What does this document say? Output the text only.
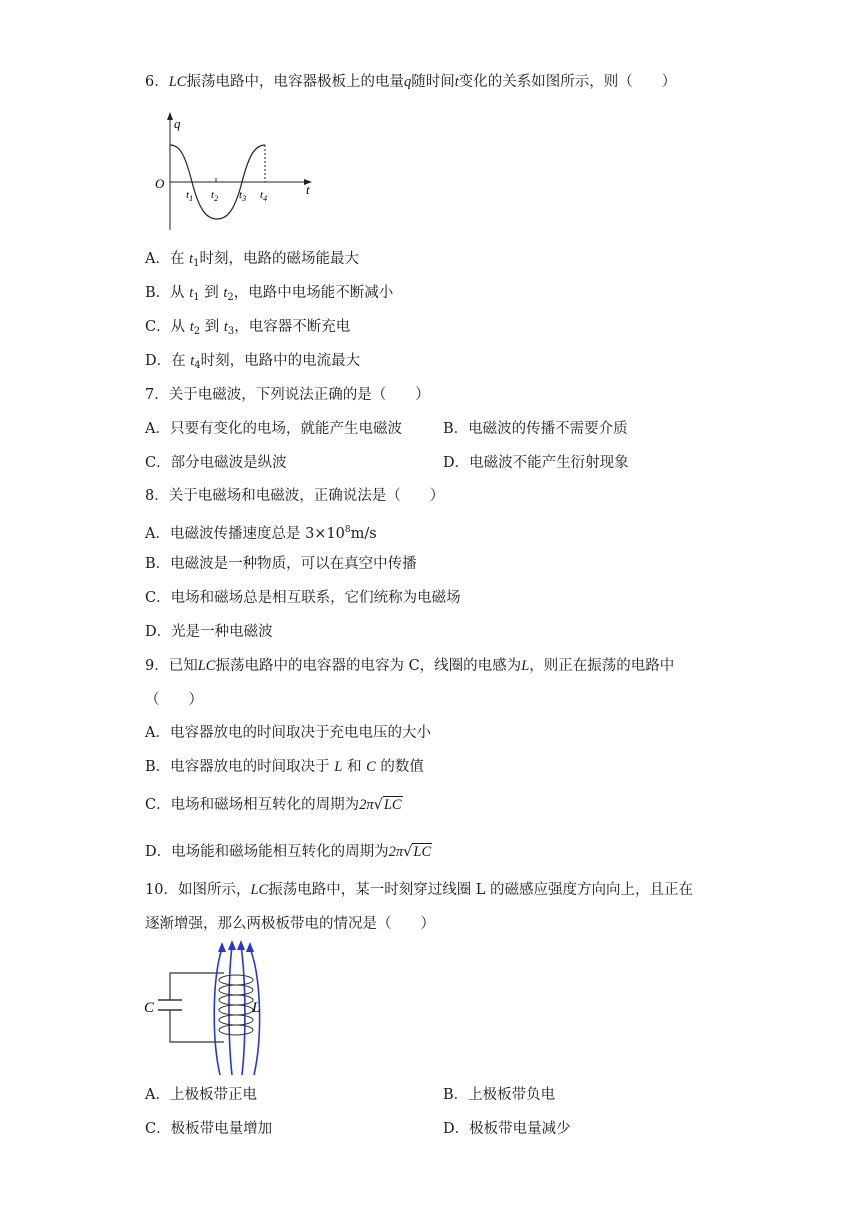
6．LC振荡电路中，电容器极板上的电量q随时间t变化的关系如图所示，则（　　）
q
O	t
$t_1$ $t_2$ $t_3$ $t_4$
A．在 $t_1$时刻，电路的磁场能最大
B．从 $t_1$ 到 $t_2$，电路中电场能不断减小
C．从 $t_2$ 到 $t_3$，电容器不断充电
D．在 $t_4$时刻，电路中的电流最大
7．关于电磁波，下列说法正确的是（　　）
A．只要有变化的电场，就能产生电磁波	B．电磁波的传播不需要介质
C．部分电磁波是纵波	D．电磁波不能产生衍射现象
8．关于电磁场和电磁波，正确说法是（　　）
A．电磁波传播速度总是 $3\times 10^8m/s$
B．电磁波是一种物质，可以在真空中传播
C．电场和磁场总是相互联系，它们统称为电磁场
D．光是一种电磁波
9．已知LC振荡电路中的电容器的电容为 C，线圈的电感为L，则正在振荡的电路中
（　　）
A．电容器放电的时间取决于充电电压的大小
B．电容器放电的时间取决于 L 和 C 的数值
C．电场和磁场相互转化的周期为2π√LC
D．电场能和磁场能相互转化的周期为2π√LC
10．如图所示，LC振荡电路中，某一时刻穿过线圈 L 的磁感应强度方向向上，且正在
逐渐增强，那么两极板带电的情况是（　　）
C	L
A．上极板带正电	B．上极板带负电
C．极板带电量增加	D．极板带电量减少
